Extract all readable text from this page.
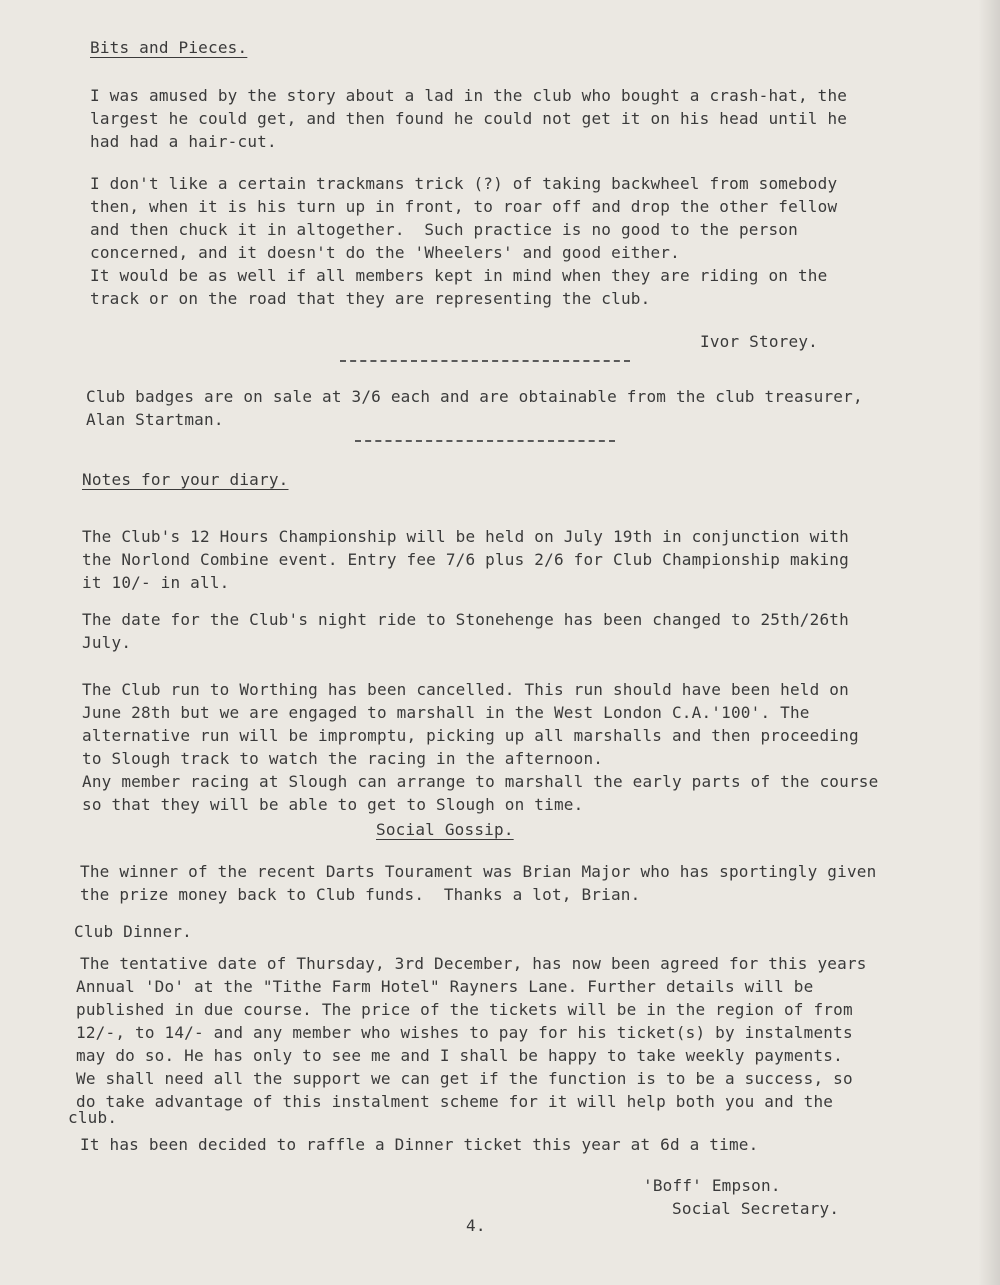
Bits and Pieces.
I was amused by the story about a lad in the club who bought a crash-hat, the
largest he could get, and then found he could not get it on his head until he
had had a hair-cut.
I don't like a certain trackmans trick (?) of taking backwheel from somebody
then, when it is his turn up in front, to roar off and drop the other fellow
and then chuck it in altogether.  Such practice is no good to the person
concerned, and it doesn't do the 'Wheelers' and good either.
It would be as well if all members kept in mind when they are riding on the
track or on the road that they are representing the club.
Ivor Storey.
Club badges are on sale at 3/6 each and are obtainable from the club treasurer,
Alan Startman.
Notes for your diary.
The Club's 12 Hours Championship will be held on July 19th in conjunction with
the Norlond Combine event. Entry fee 7/6 plus 2/6 for Club Championship making
it 10/- in all.
The date for the Club's night ride to Stonehenge has been changed to 25th/26th
July.
The Club run to Worthing has been cancelled. This run should have been held on
June 28th but we are engaged to marshall in the West London C.A.'100'. The
alternative run will be impromptu, picking up all marshalls and then proceeding
to Slough track to watch the racing in the afternoon.
Any member racing at Slough can arrange to marshall the early parts of the course
so that they will be able to get to Slough on time.
Social Gossip.
The winner of the recent Darts Tourament was Brian Major who has sportingly given
the prize money back to Club funds.  Thanks a lot, Brian.
Club Dinner.
The tentative date of Thursday, 3rd December, has now been agreed for this years
Annual 'Do' at the "Tithe Farm Hotel" Rayners Lane. Further details will be
published in due course. The price of the tickets will be in the region of from
12/-, to 14/- and any member who wishes to pay for his ticket(s) by instalments
may do so. He has only to see me and I shall be happy to take weekly payments.
We shall need all the support we can get if the function is to be a success, so
do take advantage of this instalment scheme for it will help both you and the
club.
It has been decided to raffle a Dinner ticket this year at 6d a time.
'Boff' Empson.
Social Secretary.
4.
